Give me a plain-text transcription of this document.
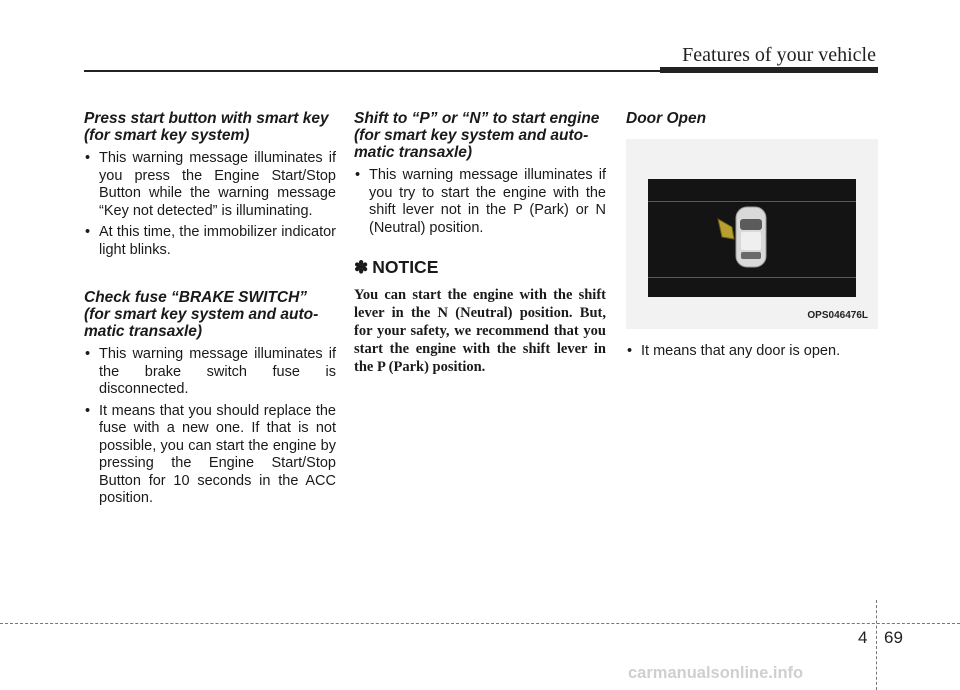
Features of your vehicle
Press start button with smart key
(for smart key system)
• This warning message illuminates if you press the Engine Start/Stop Button while the warning message “Key not detected” is illuminating.
• At this time, the immobilizer indicator light blinks.
Check fuse “BRAKE SWITCH”
(for smart key system and auto-
matic transaxle)
• This warning message illuminates if the brake switch fuse is disconnected.
• It means that you should replace the fuse with a new one. If that is not possible, you can start the engine by pressing the Engine Start/Stop Button for 10 seconds in the ACC position.
Shift to “P” or “N” to start engine
(for smart key system and auto-
matic transaxle)
• This warning message illuminates if you try to start the engine with the shift lever not in the P (Park) or N (Neutral) position.
✽ NOTICE
You can start the engine with the shift lever in the N (Neutral) position. But, for your safety, we recommend that you start the engine with the shift lever in the P (Park) position.
Door Open
OPS046476L
• It means that any door is open.
4 69
carmanualsonline.info
